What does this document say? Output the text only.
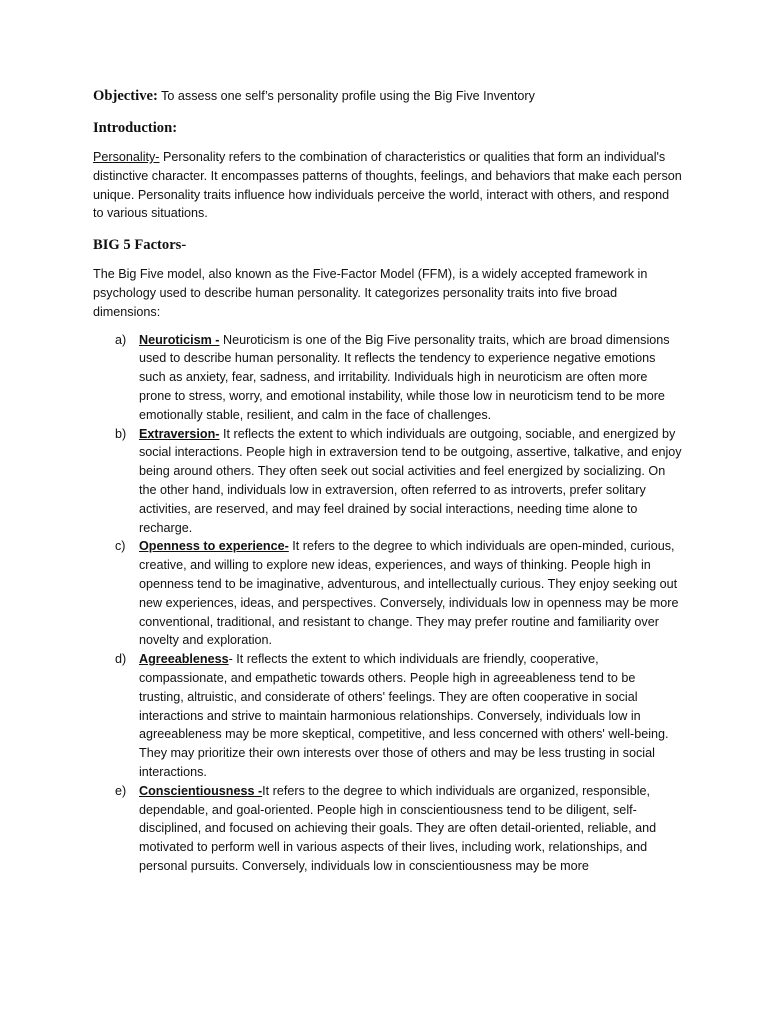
Objective: To assess one self’s personality profile using the Big Five Inventory

Introduction:

Personality- Personality refers to the combination of characteristics or qualities that form an individual's distinctive character. It encompasses patterns of thoughts, feelings, and behaviors that make each person unique. Personality traits influence how individuals perceive the world, interact with others, and respond to various situations.

BIG 5 Factors-

The Big Five model, also known as the Five-Factor Model (FFM), is a widely accepted framework in psychology used to describe human personality. It categorizes personality traits into five broad dimensions:

a) Neuroticism - Neuroticism is one of the Big Five personality traits, which are broad dimensions used to describe human personality. It reflects the tendency to experience negative emotions such as anxiety, fear, sadness, and irritability. Individuals high in neuroticism are often more prone to stress, worry, and emotional instability, while those low in neuroticism tend to be more emotionally stable, resilient, and calm in the face of challenges.
b) Extraversion- It reflects the extent to which individuals are outgoing, sociable, and energized by social interactions. People high in extraversion tend to be outgoing, assertive, talkative, and enjoy being around others. They often seek out social activities and feel energized by socializing. On the other hand, individuals low in extraversion, often referred to as introverts, prefer solitary activities, are reserved, and may feel drained by social interactions, needing time alone to recharge.
c) Openness to experience- It refers to the degree to which individuals are open-minded, curious, creative, and willing to explore new ideas, experiences, and ways of thinking. People high in openness tend to be imaginative, adventurous, and intellectually curious. They enjoy seeking out new experiences, ideas, and perspectives. Conversely, individuals low in openness may be more conventional, traditional, and resistant to change. They may prefer routine and familiarity over novelty and exploration.
d) Agreeableness- It reflects the extent to which individuals are friendly, cooperative, compassionate, and empathetic towards others. People high in agreeableness tend to be trusting, altruistic, and considerate of others' feelings. They are often cooperative in social interactions and strive to maintain harmonious relationships. Conversely, individuals low in agreeableness may be more skeptical, competitive, and less concerned with others' well-being. They may prioritize their own interests over those of others and may be less trusting in social interactions.
e) Conscientiousness -It refers to the degree to which individuals are organized, responsible, dependable, and goal-oriented. People high in conscientiousness tend to be diligent, self-disciplined, and focused on achieving their goals. They are often detail-oriented, reliable, and motivated to perform well in various aspects of their lives, including work, relationships, and personal pursuits. Conversely, individuals low in conscientiousness may be more
